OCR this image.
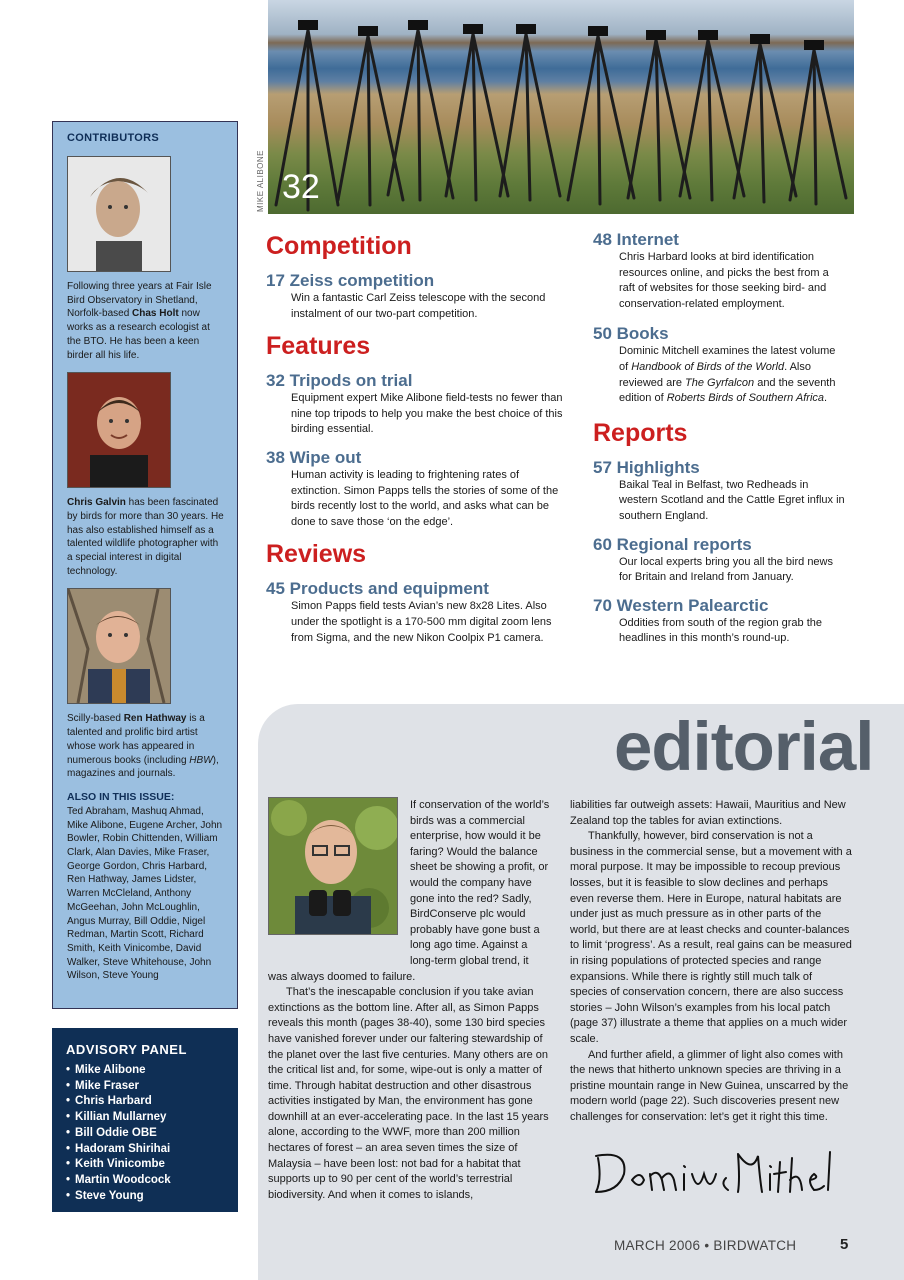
32
MIKE ALIBONE
CONTRIBUTORS

Following three years at Fair Isle Bird Observatory in Shetland, Norfolk-based Chas Holt now works as a research ecologist at the BTO. He has been a keen birder all his life.

Chris Galvin has been fascinated by birds for more than 30 years. He has also established himself as a talented wildlife photographer with a special interest in digital technology.

Scilly-based Ren Hathway is a talented and prolific bird artist whose work has appeared in numerous books (including HBW), magazines and journals.

ALSO IN THIS ISSUE:

Ted Abraham, Mashuq Ahmad, Mike Alibone, Eugene Archer, John Bowler, Robin Chittenden, William Clark, Alan Davies, Mike Fraser, George Gordon, Chris Harbard, Ren Hathway, James Lidster, Warren McCleland, Anthony McGeehan, John McLoughlin, Angus Murray, Bill Oddie, Nigel Redman, Martin Scott, Richard Smith, Keith Vinicombe, David Walker, Steve Whitehouse, John Wilson, Steve Young

ADVISORY PANEL
• Mike Alibone
• Mike Fraser
• Chris Harbard
• Killian Mullarney
• Bill Oddie OBE
• Hadoram Shirihai
• Keith Vinicombe
• Martin Woodcock
• Steve Young
Competition

17 Zeiss competition

Win a fantastic Carl Zeiss telescope with the second instalment of our two-part competition.

Features

32 Tripods on trial

Equipment expert Mike Alibone field-tests no fewer than nine top tripods to help you make the best choice of this birding essential.

38 Wipe out

Human activity is leading to frightening rates of extinction. Simon Papps tells the stories of some of the birds recently lost to the world, and asks what can be done to save those ‘on the edge’.

Reviews

45 Products and equipment

Simon Papps field tests Avian’s new 8x28 Lites. Also under the spotlight is a 170-500 mm digital zoom lens from Sigma, and the new Nikon Coolpix P1 camera.

48 Internet

Chris Harbard looks at bird identification resources online, and picks the best from a raft of websites for those seeking bird- and conservation-related employment.

50 Books

Dominic Mitchell examines the latest volume of Handbook of Birds of the World. Also reviewed are The Gyrfalcon and the seventh edition of Roberts Birds of Southern Africa.

Reports

57 Highlights

Baikal Teal in Belfast, two Redheads in western Scotland and the Cattle Egret influx in southern England.

60 Regional reports

Our local experts bring you all the bird news for Britain and Ireland from January.

70 Western Palearctic

Oddities from south of the region grab the headlines in this month’s round-up.

editorial

If conservation of the world’s birds was a commercial enterprise, how would it be faring? Would the balance sheet be showing a profit, or would the company have gone into the red? Sadly, BirdConserve plc would probably have gone bust a long ago time. Against a long-term global trend, it was always doomed to failure.

That’s the inescapable conclusion if you take avian extinctions as the bottom line. After all, as Simon Papps reveals this month (pages 38-40), some 130 bird species have vanished forever under our faltering stewardship of the planet over the last five centuries. Many others are on the critical list and, for some, wipe-out is only a matter of time. Through habitat destruction and other disastrous activities instigated by Man, the environment has gone downhill at an ever-accelerating pace. In the last 15 years alone, according to the WWF, more than 200 million hectares of forest – an area seven times the size of Malaysia – have been lost: not bad for a habitat that supports up to 90 per cent of the world’s terrestrial biodiversity. And when it comes to islands,

liabilities far outweigh assets: Hawaii, Mauritius and New Zealand top the tables for avian extinctions.

Thankfully, however, bird conservation is not a business in the commercial sense, but a movement with a moral purpose. It may be impossible to recoup previous losses, but it is feasible to slow declines and perhaps even reverse them. Here in Europe, natural habitats are under just as much pressure as in other parts of the world, but there are at least checks and counter-balances to limit ‘progress’. As a result, real gains can be measured in rising populations of protected species and range expansions. While there is rightly still much talk of species of conservation concern, there are also success stories – John Wilson’s examples from his local patch (page 37) illustrate a theme that applies on a much wider scale.

And further afield, a glimmer of light also comes with the news that hitherto unknown species are thriving in a pristine mountain range in New Guinea, unscarred by the modern world (page 22). Such discoveries present new challenges for conservation: let’s get it right this time.

MARCH 2006 • BIRDWATCH	5
